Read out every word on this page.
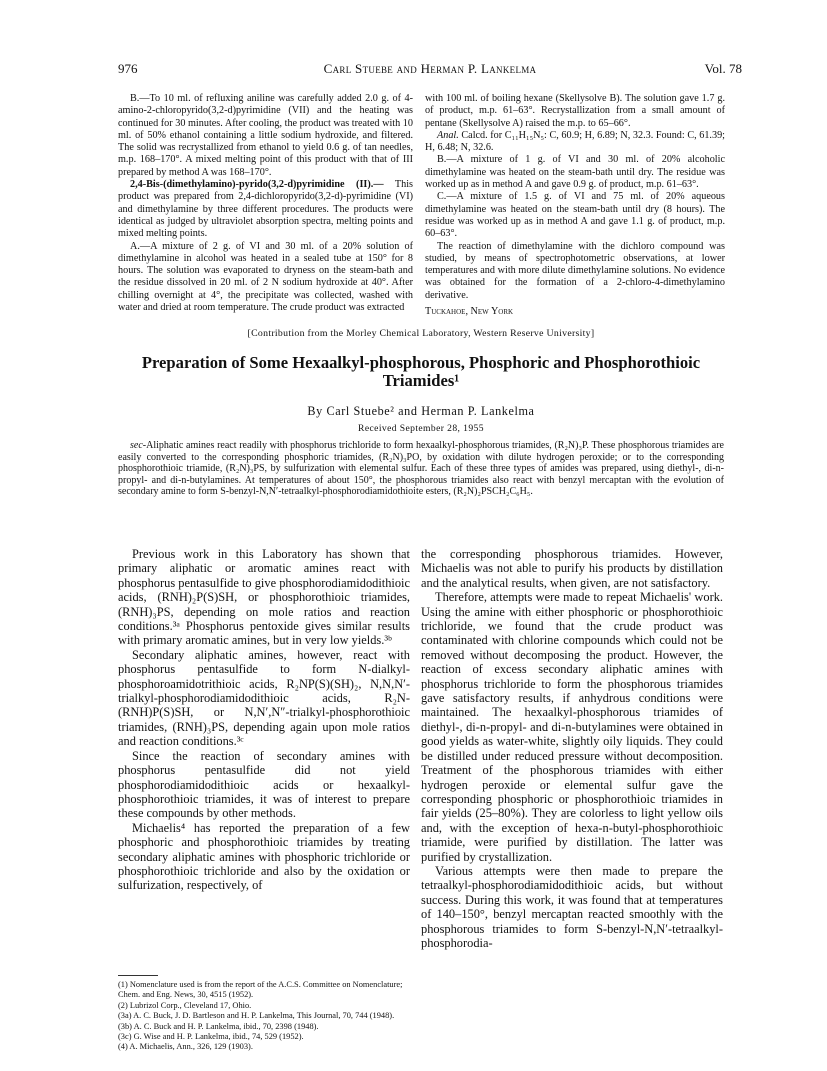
976	Carl Stuebe and Herman P. Lankelma	Vol. 78

B.—To 10 ml. of refluxing aniline was carefully added 2.0 g. of 4-amino-2-chloropyrido(3,2-d)pyrimidine (VII) and the heating was continued for 30 minutes. After cooling, the product was treated with 10 ml. of 50% ethanol containing a little sodium hydroxide, and filtered. The solid was recrystallized from ethanol to yield 0.6 g. of tan needles, m.p. 168–170°. A mixed melting point of this product with that of III prepared by method A was 168–170°.

2,4-Bis-(dimethylamino)-pyrido(3,2-d)pyrimidine (II).— This product was prepared from 2,4-dichloropyrido(3,2-d)-pyrimidine (VI) and dimethylamine by three different procedures. The products were identical as judged by ultraviolet absorption spectra, melting points and mixed melting points.

A.—A mixture of 2 g. of VI and 30 ml. of a 20% solution of dimethylamine in alcohol was heated in a sealed tube at 150° for 8 hours. The solution was evaporated to dryness on the steam-bath and the residue dissolved in 20 ml. of 2 N sodium hydroxide at 40°. After chilling overnight at 4°, the precipitate was collected, washed with water and dried at room temperature. The crude product was extracted

with 100 ml. of boiling hexane (Skellysolve B). The solution gave 1.7 g. of product, m.p. 61–63°. Recrystallization from a small amount of pentane (Skellysolve A) raised the m.p. to 65–66°.

Anal. Calcd. for C₁₁H₁₅N₅: C, 60.9; H, 6.89; N, 32.3. Found: C, 61.39; H, 6.48; N, 32.6.

B.—A mixture of 1 g. of VI and 30 ml. of 20% alcoholic dimethylamine was heated on the steam-bath until dry. The residue was worked up as in method A and gave 0.9 g. of product, m.p. 61–63°.

C.—A mixture of 1.5 g. of VI and 75 ml. of 20% aqueous dimethylamine was heated on the steam-bath until dry (8 hours). The residue was worked up as in method A and gave 1.1 g. of product, m.p. 60–63°.

The reaction of dimethylamine with the dichloro compound was studied, by means of spectrophotometric observations, at lower temperatures and with more dilute dimethylamine solutions. No evidence was obtained for the formation of a 2-chloro-4-dimethylamino derivative.

Tuckahoe, New York

[Contribution from the Morley Chemical Laboratory, Western Reserve University]
Preparation of Some Hexaalkyl-phosphorous, Phosphoric and Phosphorothioic Triamides¹
By Carl Stuebe² and Herman P. Lankelma
Received September 28, 1955

sec-Aliphatic amines react readily with phosphorus trichloride to form hexaalkyl-phosphorous triamides, (R₂N)₃P. These phosphorous triamides are easily converted to the corresponding phosphoric triamides, (R₂N)₃PO, by oxidation with dilute hydrogen peroxide; or to the corresponding phosphorothioic triamide, (R₂N)₃PS, by sulfurization with elemental sulfur. Each of these three types of amides was prepared, using diethyl-, di-n-propyl- and di-n-butylamines. At temperatures of about 150°, the phosphorous triamides also react with benzyl mercaptan with the evolution of secondary amine to form S-benzyl-N,N′-tetraalkyl-phosphorodiamidothioite esters, (R₂N)₂PSCH₂C₆H₅.

Previous work in this Laboratory has shown that primary aliphatic or aromatic amines react with phosphorus pentasulfide to give phosphorodiamidodithioic acids, (RNH)₂P(S)SH, or phosphorothioic triamides, (RNH)₃PS, depending on mole ratios and reaction conditions.³ᵃ Phosphorus pentoxide gives similar results with primary aromatic amines, but in very low yields.³ᵇ

Secondary aliphatic amines, however, react with phosphorus pentasulfide to form N-dialkyl-phosphoroamidotrithioic acids, R₂NP(S)(SH)₂, N,N,N′-trialkyl-phosphorodiamidodithioic acids, R₂N-(RNH)P(S)SH, or N,N′,N″-trialkyl-phosphorothioic triamides, (RNH)₃PS, depending again upon mole ratios and reaction conditions.³ᶜ

Since the reaction of secondary amines with phosphorus pentasulfide did not yield phosphorodiamidodithioic acids or hexaalkyl-phosphorothioic triamides, it was of interest to prepare these compounds by other methods.

Michaelis⁴ has reported the preparation of a few phosphoric and phosphorothioic triamides by treating secondary aliphatic amines with phosphoric trichloride or phosphorothioic trichloride and also by the oxidation or sulfurization, respectively, of

the corresponding phosphorous triamides. However, Michaelis was not able to purify his products by distillation and the analytical results, when given, are not satisfactory.

Therefore, attempts were made to repeat Michaelis' work. Using the amine with either phosphoric or phosphorothioic trichloride, we found that the crude product was contaminated with chlorine compounds which could not be removed without decomposing the product. However, the reaction of excess secondary aliphatic amines with phosphorus trichloride to form the phosphorous triamides gave satisfactory results, if anhydrous conditions were maintained. The hexaalkyl-phosphorous triamides of diethyl-, di-n-propyl- and di-n-butylamines were obtained in good yields as water-white, slightly oily liquids. They could be distilled under reduced pressure without decomposition. Treatment of the phosphorous triamides with either hydrogen peroxide or elemental sulfur gave the corresponding phosphoric or phosphorothioic triamides in fair yields (25–80%). They are colorless to light yellow oils and, with the exception of hexa-n-butyl-phosphorothioic triamide, were purified by distillation. The latter was purified by crystallization.

Various attempts were then made to prepare the tetraalkyl-phosphorodiamidodithioic acids, but without success. During this work, it was found that at temperatures of 140–150°, benzyl mercaptan reacted smoothly with the phosphorous triamides to form S-benzyl-N,N′-tetraalkyl-phosphorodia-

(1) Nomenclature used is from the report of the A.C.S. Committee on Nomenclature; Chem. and Eng. News, 30, 4515 (1952).
(2) Lubrizol Corp., Cleveland 17, Ohio.
(3a) A. C. Buck, J. D. Bartleson and H. P. Lankelma, This Journal, 70, 744 (1948).
(3b) A. C. Buck and H. P. Lankelma, ibid., 70, 2398 (1948).
(3c) G. Wise and H. P. Lankelma, ibid., 74, 529 (1952).
(4) A. Michaelis, Ann., 326, 129 (1903).
